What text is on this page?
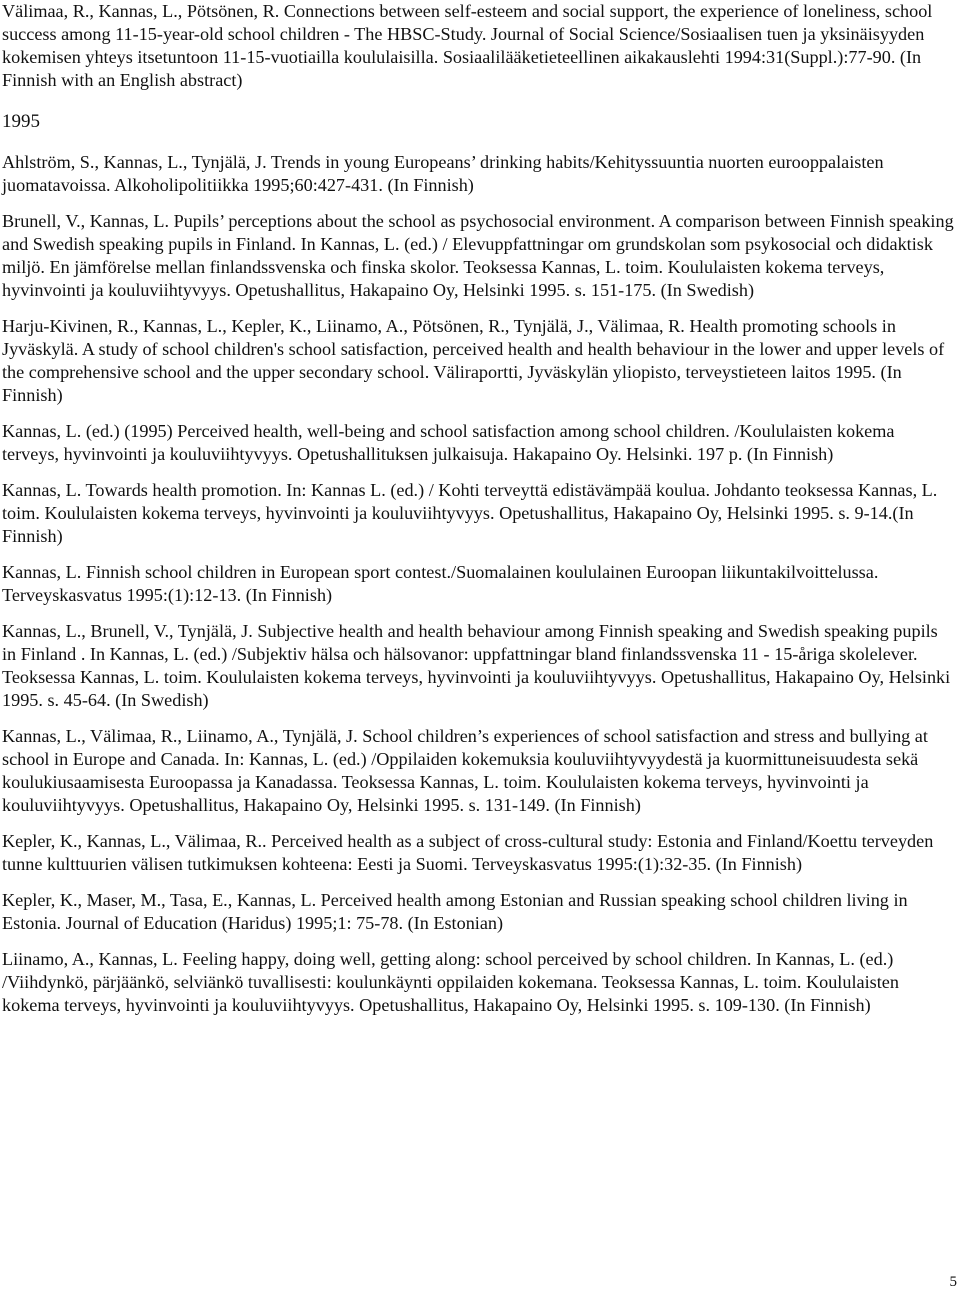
Välimaa, R., Kannas, L., Pötsönen, R. Connections between self-esteem and social support, the experience of loneliness, school success among 11-15-year-old school children - The HBSC-Study. Journal of Social Science/Sosiaalisen tuen ja yksinäisyyden kokemisen yhteys itsetuntoon 11-15-vuotiailla koululaisilla. Sosiaalilääketieteellinen aikakauslehti 1994:31(Suppl.):77-90. (In Finnish with an English abstract)

1995

Ahlström, S., Kannas, L., Tynjälä, J. Trends in young Europeans’ drinking habits/Kehityssuuntia nuorten eurooppalaisten juomatavoissa. Alkoholipolitiikka 1995;60:427-431. (In Finnish)

Brunell, V., Kannas, L. Pupils’ perceptions about the school as psychosocial environment. A comparison between Finnish speaking and Swedish speaking pupils in Finland. In Kannas, L. (ed.) / Elevuppfattningar om grundskolan som psykosocial och didaktisk miljö. En jämförelse mellan finlandssvenska och finska skolor. Teoksessa Kannas, L. toim. Koululaisten kokema terveys, hyvinvointi ja kouluviihtyvyys. Opetushallitus, Hakapaino Oy, Helsinki 1995. s. 151-175. (In Swedish)

Harju-Kivinen, R., Kannas, L., Kepler, K., Liinamo, A., Pötsönen, R., Tynjälä, J., Välimaa, R. Health promoting schools in Jyväskylä. A study of school children's school satisfaction, perceived health and health behaviour in the lower and upper levels of the comprehensive school and the upper secondary school. Väliraportti, Jyväskylän yliopisto, terveystieteen laitos 1995. (In Finnish)

Kannas, L. (ed.) (1995) Perceived health, well-being and school satisfaction among school children. /Koululaisten kokema terveys, hyvinvointi ja kouluviihtyvyys. Opetushallituksen julkaisuja. Hakapaino Oy. Helsinki. 197 p. (In Finnish)

Kannas, L. Towards health promotion. In: Kannas L. (ed.) / Kohti terveyttä edistävämpää koulua. Johdanto teoksessa Kannas, L. toim. Koululaisten kokema terveys, hyvinvointi ja kouluviihtyvyys. Opetushallitus, Hakapaino Oy, Helsinki 1995. s. 9-14.(In Finnish)

Kannas, L. Finnish school children in European sport contest./Suomalainen koululainen Euroopan liikuntakilvoittelussa. Terveyskasvatus 1995:(1):12-13. (In Finnish)

Kannas, L., Brunell, V., Tynjälä, J. Subjective health and health behaviour among Finnish speaking and Swedish speaking pupils in Finland . In Kannas, L. (ed.) /Subjektiv hälsa och hälsovanor: uppfattningar bland finlandssvenska 11 - 15-åriga skolelever. Teoksessa Kannas, L. toim. Koululaisten kokema terveys, hyvinvointi ja kouluviihtyvyys. Opetushallitus, Hakapaino Oy, Helsinki 1995. s. 45-64. (In Swedish)

Kannas, L., Välimaa, R., Liinamo, A., Tynjälä, J. School children’s experiences of school satisfaction and stress and bullying at school in Europe and Canada. In: Kannas, L. (ed.) /Oppilaiden kokemuksia kouluviihtyvyydestä ja kuormittuneisuudesta sekä koulukiusaamisesta Euroopassa ja Kanadassa. Teoksessa Kannas, L. toim. Koululaisten kokema terveys, hyvinvointi ja kouluviihtyvyys. Opetushallitus, Hakapaino Oy, Helsinki 1995. s. 131-149. (In Finnish)

Kepler, K., Kannas, L., Välimaa, R.. Perceived health as a subject of cross-cultural study: Estonia and Finland/Koettu terveyden tunne kulttuurien välisen tutkimuksen kohteena: Eesti ja Suomi. Terveyskasvatus 1995:(1):32-35. (In Finnish)

Kepler, K., Maser, M., Tasa, E., Kannas, L. Perceived health among Estonian and Russian speaking school children living in Estonia. Journal of Education (Haridus) 1995;1: 75-78. (In Estonian)

Liinamo, A., Kannas, L. Feeling happy, doing well, getting along: school perceived by school children. In Kannas, L. (ed.) /Viihdynkö, pärjäänkö, selviänkö tuvallisesti: koulunkäynti oppilaiden kokemana. Teoksessa Kannas, L. toim. Koululaisten kokema terveys, hyvinvointi ja kouluviihtyvyys. Opetushallitus, Hakapaino Oy, Helsinki 1995. s. 109-130. (In Finnish)

5
